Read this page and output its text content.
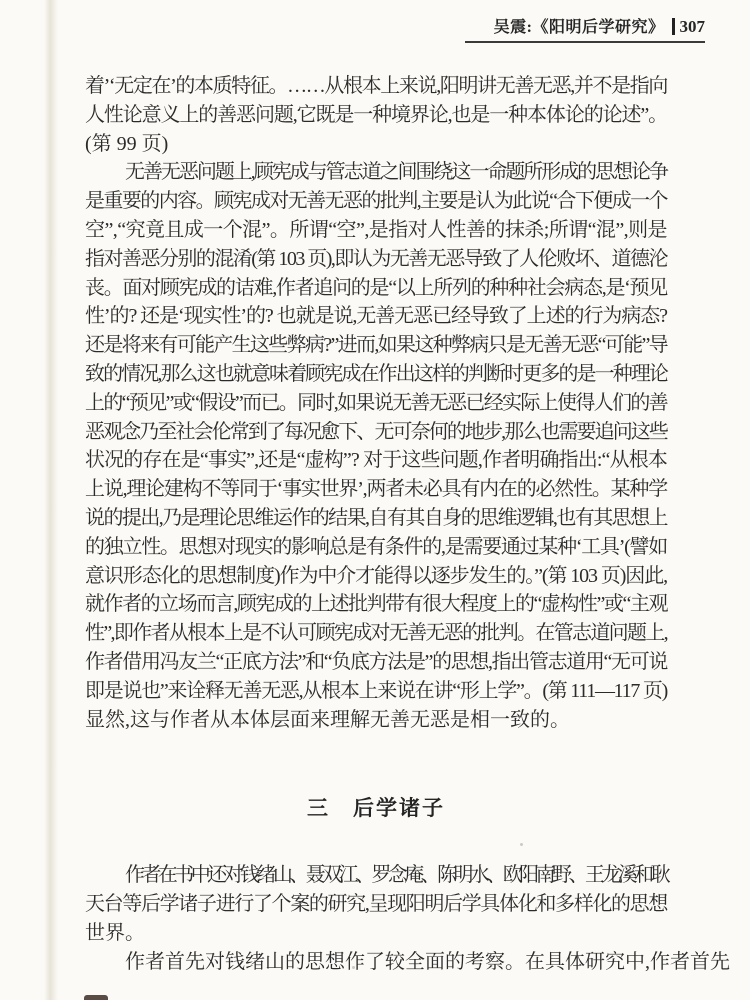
吴震:《阳明后学研究》 307
着’‘无定在’的本质特征。……从根本上来说,阳明讲无善无恶,并不是指向
人性论意义上的善恶问题,它既是一种境界论,也是一种本体论的论述”。
(第 99 页)
无善无恶问题上,顾宪成与管志道之间围绕这一命题所形成的思想论争
是重要的内容。顾宪成对无善无恶的批判,主要是认为此说“合下便成一个
空”,“究竟且成一个混”。所谓“空”,是指对人性善的抹杀;所谓“混”,则是
指对善恶分别的混淆(第 103 页),即认为无善无恶导致了人伦败坏、道德沦
丧。面对顾宪成的诘难,作者追问的是“以上所列的种种社会病态,是‘预见
性’的? 还是‘现实性’的? 也就是说,无善无恶已经导致了上述的行为病态?
还是将来有可能产生这些弊病?”进而,如果这种弊病只是无善无恶“可能”导
致的情况,那么这也就意味着顾宪成在作出这样的判断时更多的是一种理论
上的“预见”或“假设”而已。同时,如果说无善无恶已经实际上使得人们的善
恶观念乃至社会伦常到了每况愈下、无可奈何的地步,那么也需要追问这些
状况的存在是“事实”,还是“虚构”? 对于这些问题,作者明确指出:“从根本
上说,理论建构不等同于‘事实世界’,两者未必具有内在的必然性。某种学
说的提出,乃是理论思维运作的结果,自有其自身的思维逻辑,也有其思想上
的独立性。思想对现实的影响总是有条件的,是需要通过某种‘工具’(譬如
意识形态化的思想制度)作为中介才能得以逐步发生的。”(第 103 页)因此,
就作者的立场而言,顾宪成的上述批判带有很大程度上的“虚构性”或“主观
性”,即作者从根本上是不认可顾宪成对无善无恶的批判。在管志道问题上,
作者借用冯友兰“正底方法”和“负底方法是”的思想,指出管志道用“无可说
即是说也”来诠释无善无恶,从根本上来说在讲“形上学”。(第 111—117 页)
显然,这与作者从本体层面来理解无善无恶是相一致的。
三　后学诸子
作者在书中还对钱绪山、聂双江、罗念庵、陈明水、欧阳南野、王龙溪和耿
天台等后学诸子进行了个案的研究,呈现阳明后学具体化和多样化的思想
世界。
作者首先对钱绪山的思想作了较全面的考察。在具体研究中,作者首先
